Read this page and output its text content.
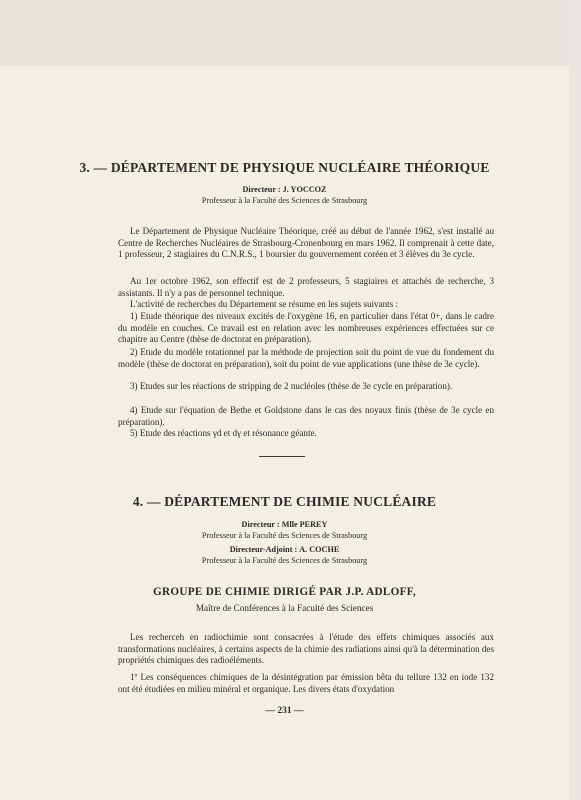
3. — DÉPARTEMENT DE PHYSIQUE NUCLÉAIRE THÉORIQUE
Directeur : J. YOCCOZ
Professeur à la Faculté des Sciences de Strasbourg
Le Département de Physique Nucléaire Théorique, créé au début de l'année 1962, s'est installé au Centre de Recherches Nucléaires de Strasbourg-Cronenbourg en mars 1962. Il comprenait à cette date, 1 professeur, 2 stagiaires du C.N.R.S., 1 boursier du gouvernement coréen et 3 élèves du 3e cycle.
Au 1er octobre 1962, son effectif est de 2 professeurs, 5 stagiaires et attachés de recherche, 3 assistants. Il n'y a pas de personnel technique.
L'activité de recherches du Département se résume en les sujets suivants :
1) Etude théorique des niveaux excités de l'oxygène 16, en particulier dans l'état 0+, dans le cadre du modèle en couches. Ce travail est en relation avec les nombreuses expériences effectuées sur ce chapitre au Centre (thèse de doctorat en préparation).
2) Etude du modèle rotationnel par la méthode de projection soit du point de vue du fondement du modèle (thèse de doctorat en préparation), soit du point de vue applications (une thèse de 3e cycle).
3) Etudes sur les réactions de stripping de 2 nucléoles (thèse de 3e cycle en préparation).
4) Etude sur l'équation de Bethe et Goldstone dans le cas des noyaux finis (thèse de 3e cycle en préparation).
5) Etude des réactions γd et dγ et résonance géante.
4. — DÉPARTEMENT DE CHIMIE NUCLÉAIRE
Directeur : Mlle PEREY
Professeur à la Faculté des Sciences de Strasbourg
Directeur-Adjoint : A. COCHE
Professeur à la Faculté des Sciences de Strasbourg
GROUPE DE CHIMIE DIRIGÉ PAR J.P. ADLOFF,
Maître de Conférences à la Faculté des Sciences
Les recherceh en radiochimie sont consacrées à l'étude des effets chimiques associés aux transformations nucléaires, à certains aspects de la chimie des radiations ainsi qu'à la détermination des propriétés chimiques des radioéléments.
1º Les conséquences chimiques de la désintégration par émission bêta du tellure 132 en iode 132 ont été étudiées en milieu minéral et organique. Les divers états d'oxydation
— 231 —
